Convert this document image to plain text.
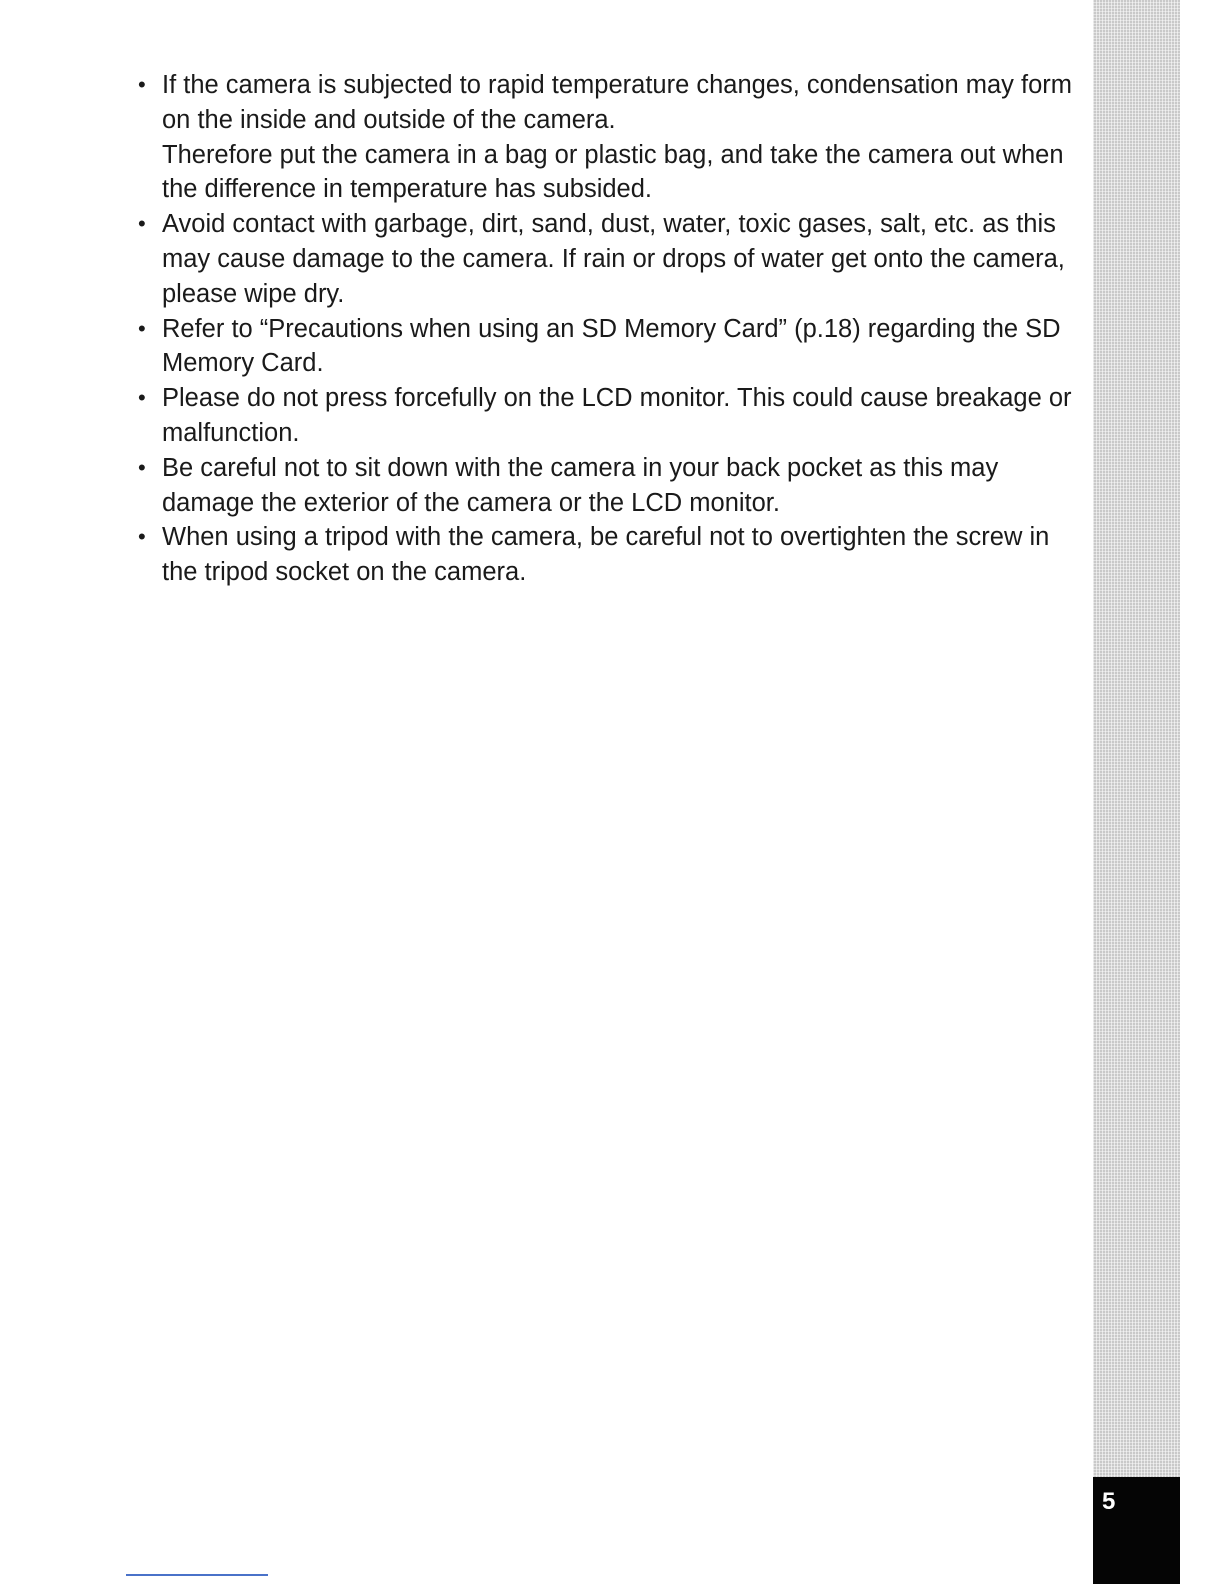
• If the camera is subjected to rapid temperature changes, condensation may form on the inside and outside of the camera.
Therefore put the camera in a bag or plastic bag, and take the camera out when the difference in temperature has subsided.
• Avoid contact with garbage, dirt, sand, dust, water, toxic gases, salt, etc. as this may cause damage to the camera. If rain or drops of water get onto the camera, please wipe dry.
• Refer to “Precautions when using an SD Memory Card” (p.18) regarding the SD Memory Card.
• Please do not press forcefully on the LCD monitor. This could cause breakage or malfunction.
• Be careful not to sit down with the camera in your back pocket as this may damage the exterior of the camera or the LCD monitor.
• When using a tripod with the camera, be careful not to overtighten the screw in the tripod socket on the camera.
5
